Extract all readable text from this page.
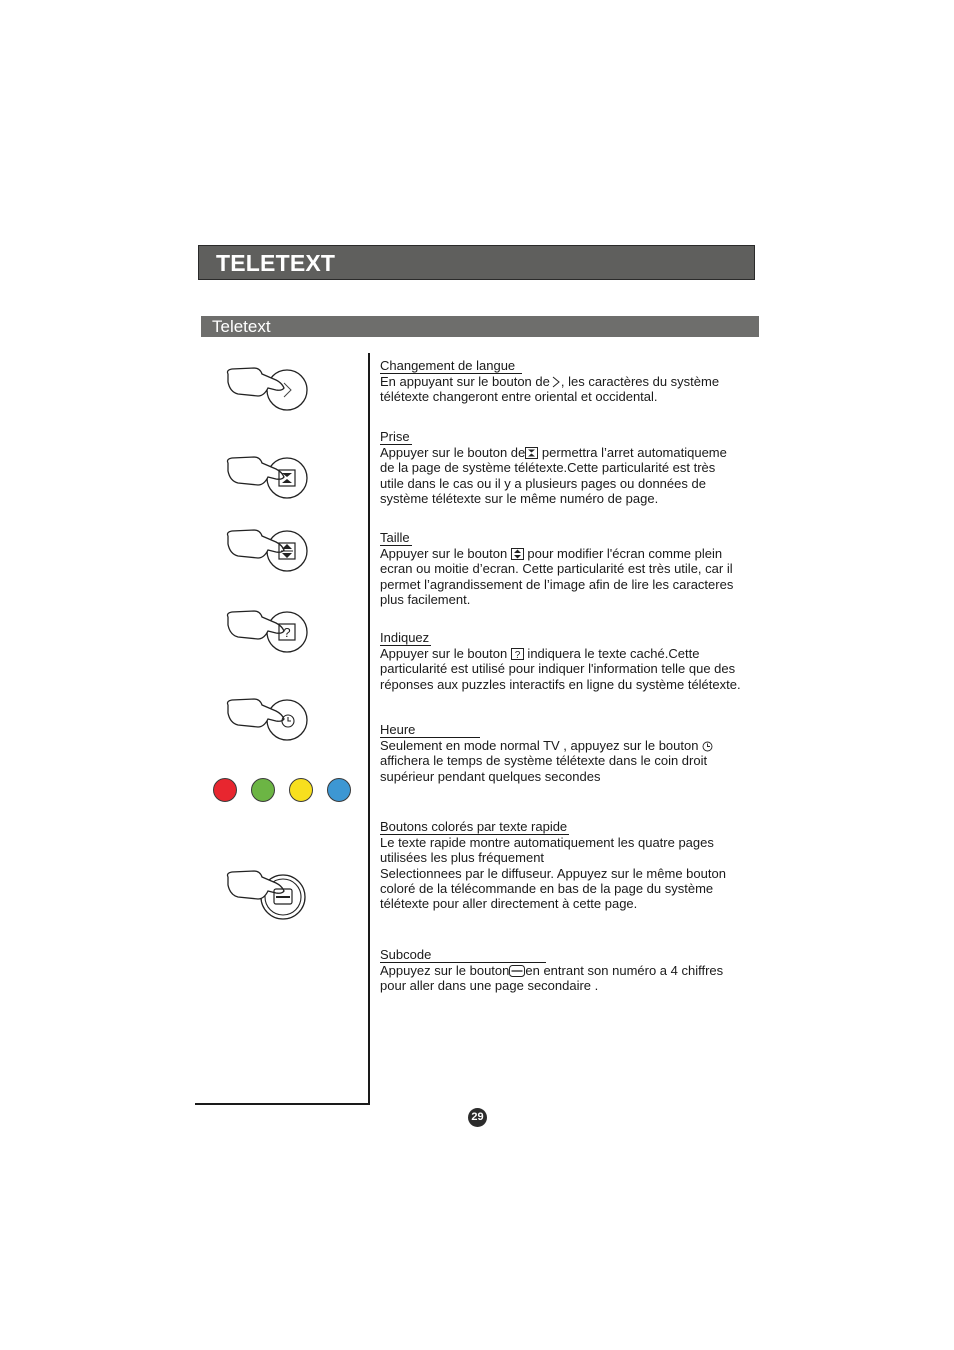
TELETEXT
Teletext
?
Changement de langue
En appuyant sur le bouton de , les caractères du système
télétexte changeront entre oriental et occidental.
Prise
Appuyer sur le bouton de permettra l’arret automatiqueme
de la page de système télétexte.Cette particularité est très
utile dans le cas ou il y a plusieurs pages ou données de
système télétexte sur le même numéro de page.
Taille
Appuyer sur le bouton  pour modifier l'écran comme plein
ecran ou moitie d’ecran. Cette particularité est très utile, car il
permet l’agrandissement de l’image afin de lire les caracteres
plus facilement.
Indiquez
Appuyer sur le bouton ? indiquera le texte caché.Cette
particularité est utilisé pour indiquer l'information telle que des
réponses aux puzzles interactifs en ligne du système télétexte.
Heure
Seulement en mode normal TV , appuyez sur le bouton
affichera le temps de système télétexte dans le coin droit
supérieur pendant quelques secondes
Boutons colorés par texte rapide
Le texte rapide montre automatiquement les quatre pages
utilisées les plus fréquement
Selectionnees par le diffuseur. Appuyez sur le même bouton
coloré de la télécommande en bas de la page du système
télétexte pour aller directement à cette page.
Subcode
Appuyez sur le bouton en entrant son numéro a 4 chiffres
pour aller dans une page secondaire .
29
